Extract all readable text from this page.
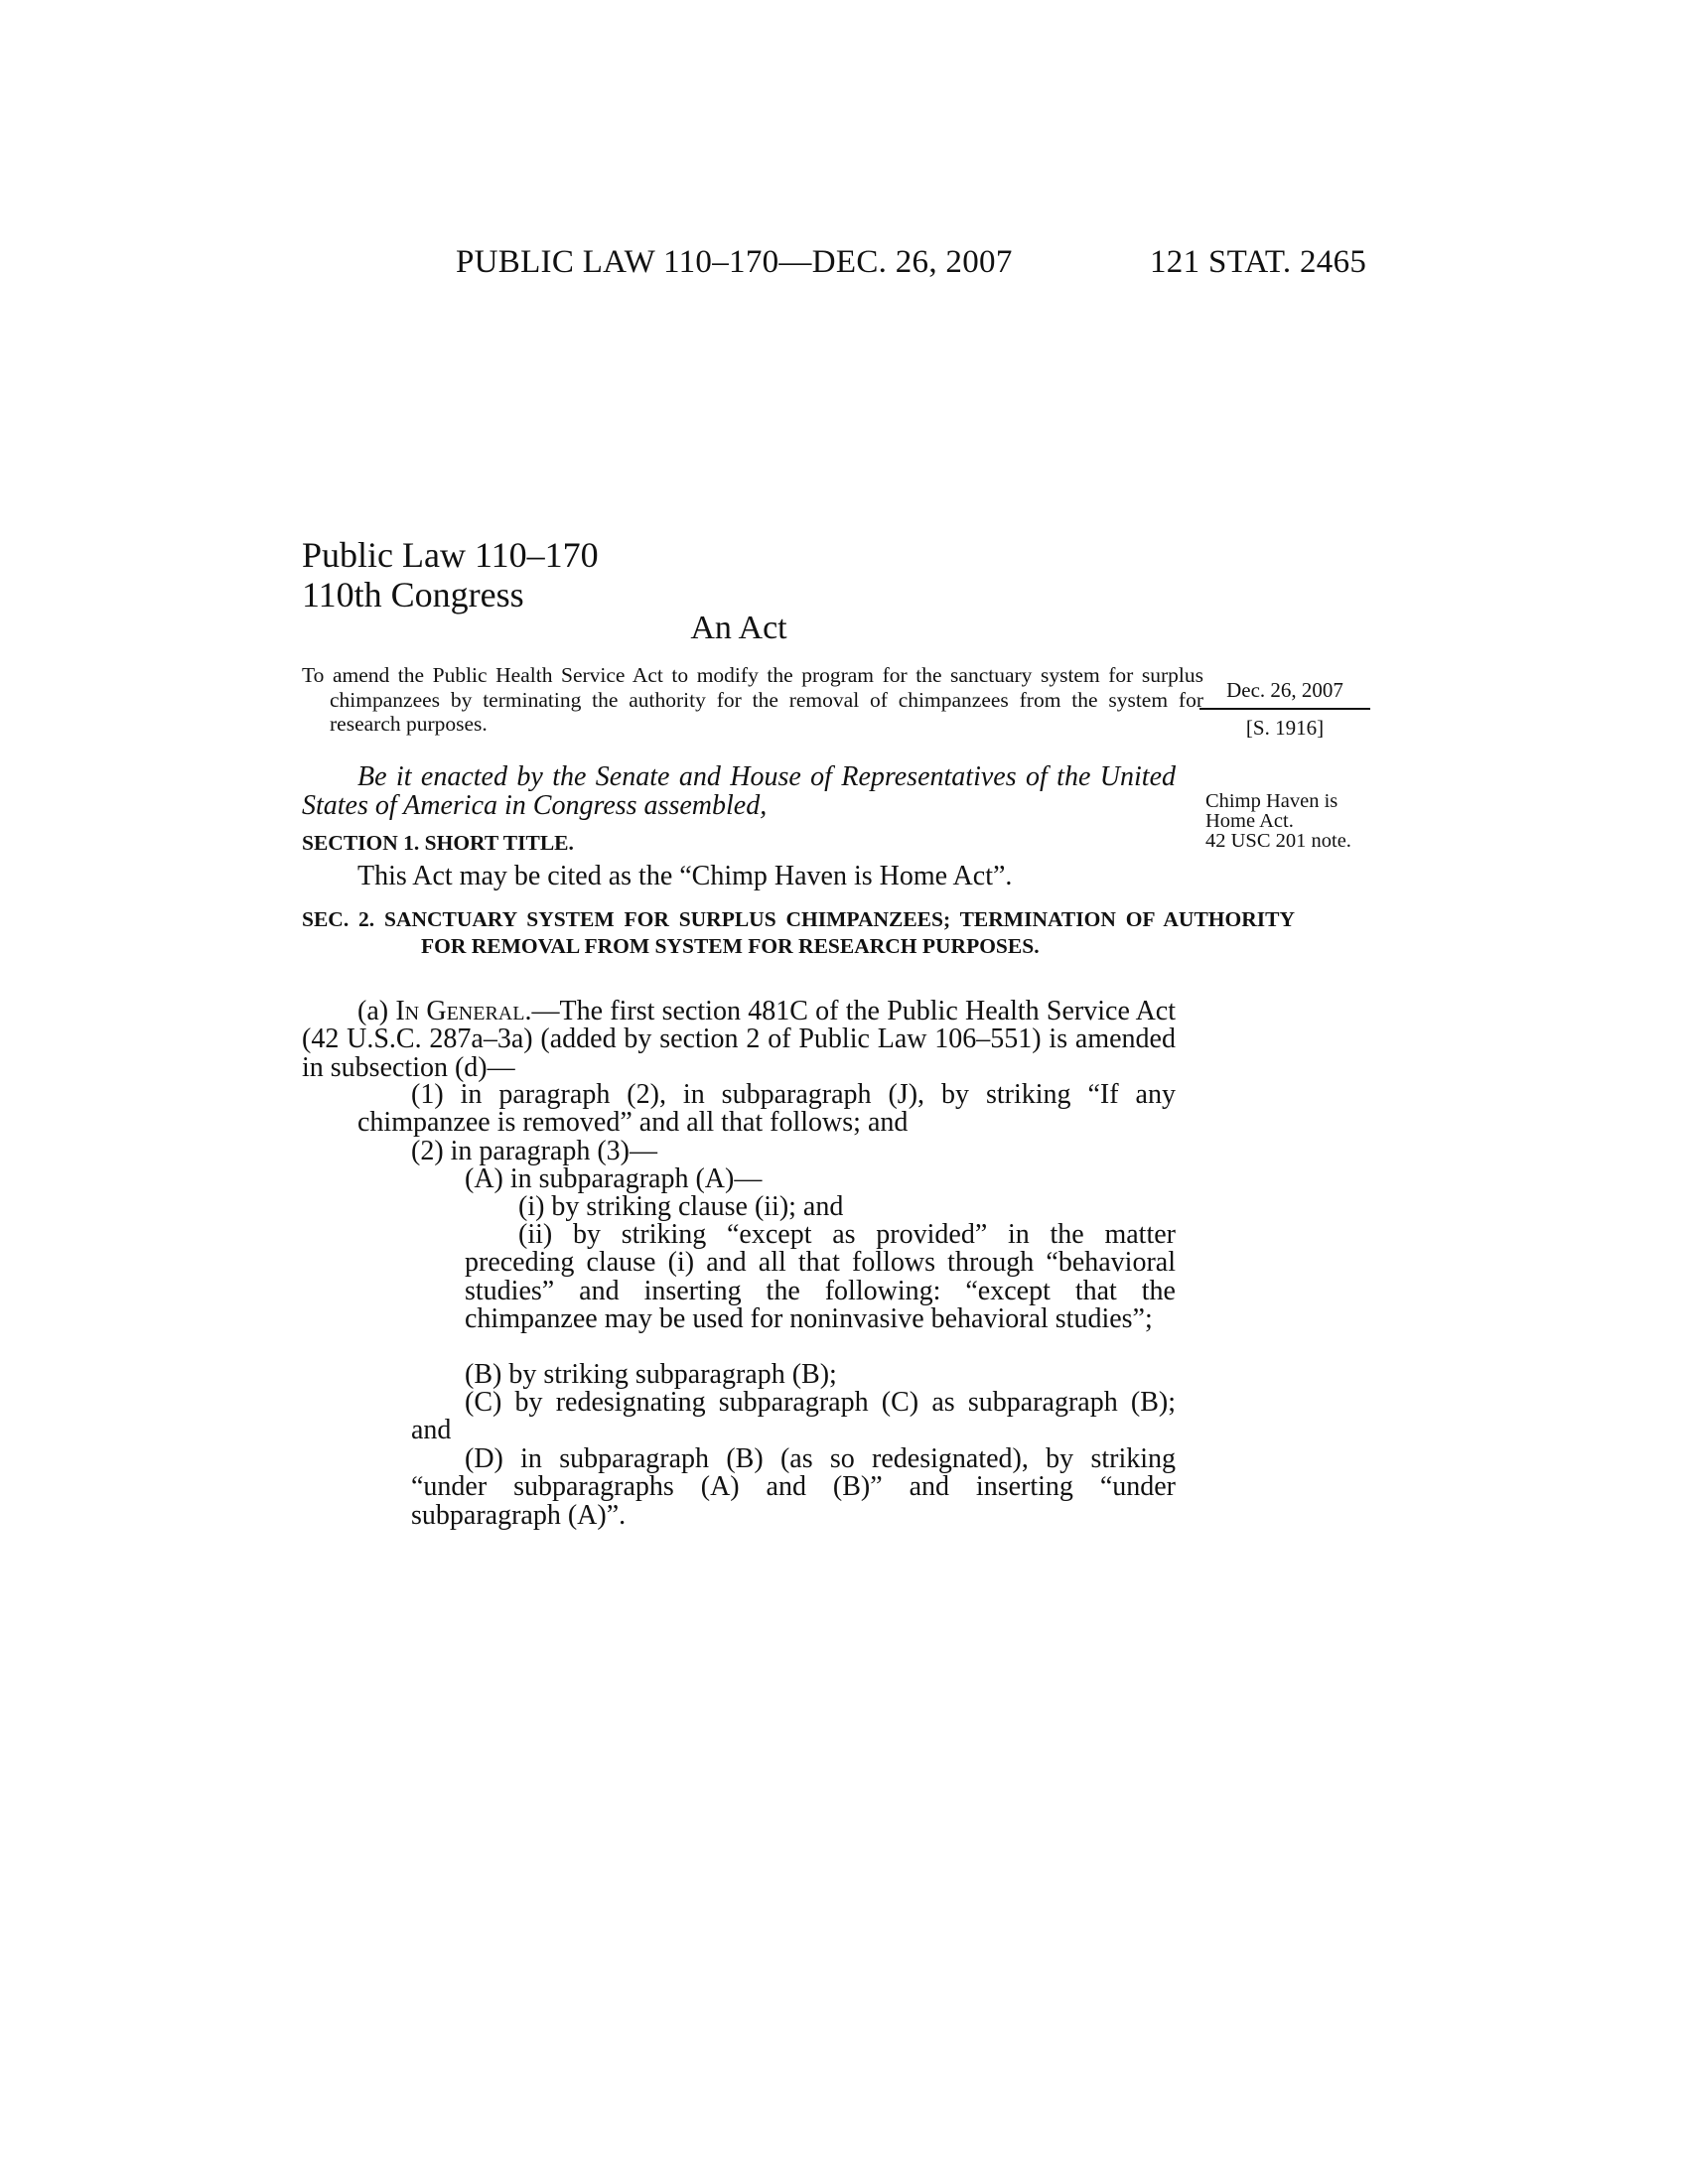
PUBLIC LAW 110–170—DEC. 26, 2007	121 STAT. 2465
Public Law 110–170
110th Congress
An Act
To amend the Public Health Service Act to modify the program for the sanctuary system for surplus chimpanzees by terminating the authority for the removal of chimpanzees from the system for research purposes.
Dec. 26, 2007
[S. 1916]
Be it enacted by the Senate and House of Representatives of the United States of America in Congress assembled,	Chimp Haven is
Home Act.
42 USC 201 note.
SECTION 1. SHORT TITLE.
This Act may be cited as the “Chimp Haven is Home Act”.
SEC. 2. SANCTUARY SYSTEM FOR SURPLUS CHIMPANZEES; TERMINATION OF AUTHORITY FOR REMOVAL FROM SYSTEM FOR RESEARCH PURPOSES.
(a) In General.—The first section 481C of the Public Health Service Act (42 U.S.C. 287a–3a) (added by section 2 of Public Law 106–551) is amended in subsection (d)—
(1) in paragraph (2), in subparagraph (J), by striking “If any chimpanzee is removed” and all that follows; and
(2) in paragraph (3)—
(A) in subparagraph (A)—
(i) by striking clause (ii); and
(ii) by striking “except as provided” in the matter preceding clause (i) and all that follows through “behavioral studies” and inserting the following: “except that the chimpanzee may be used for noninvasive behavioral studies”;
(B) by striking subparagraph (B);
(C) by redesignating subparagraph (C) as subparagraph (B); and
(D) in subparagraph (B) (as so redesignated), by striking “under subparagraphs (A) and (B)” and inserting “under subparagraph (A)”.
